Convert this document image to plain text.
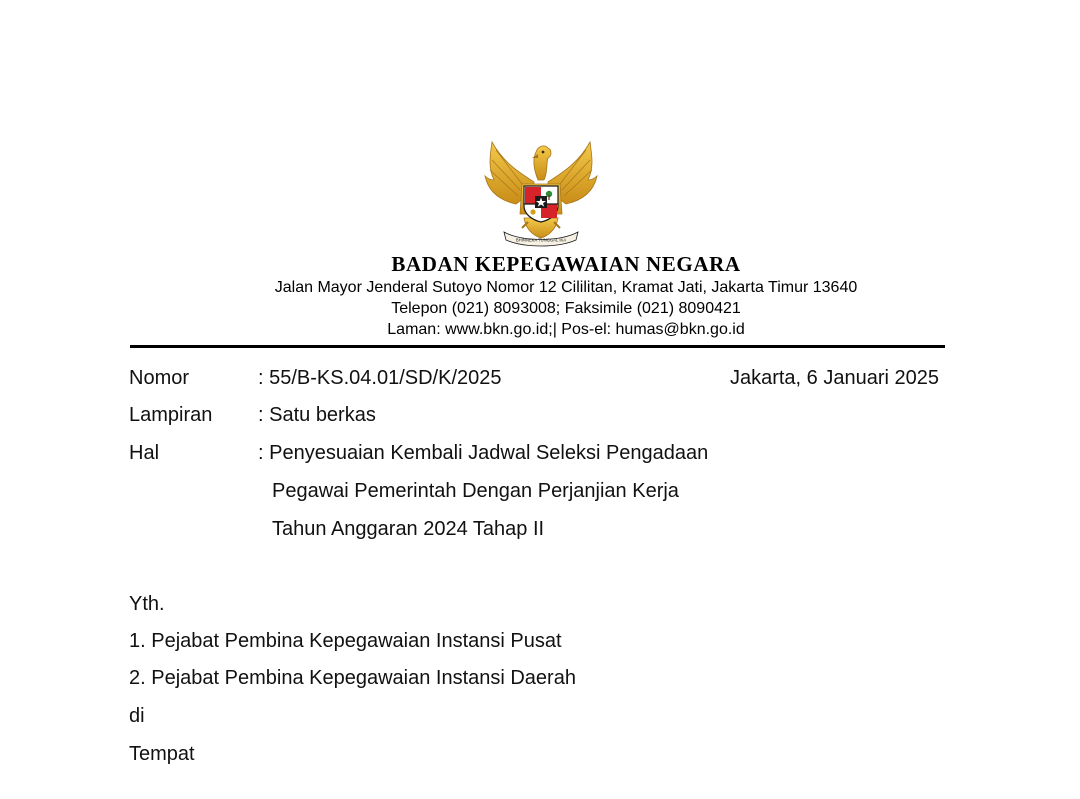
BHINNEKA TUNGGAL IKA
BADAN KEPEGAWAIAN NEGARA
Jalan Mayor Jenderal Sutoyo Nomor 12 Cililitan, Kramat Jati, Jakarta Timur 13640
Telepon (021) 8093008; Faksimile (021) 8090421
Laman: www.bkn.go.id;| Pos-el: humas@bkn.go.id
Nomor	: 55/B-KS.04.01/SD/K/2025	Jakarta, 6 Januari 2025
Lampiran : Satu berkas
Hal	: Penyesuaian Kembali Jadwal Seleksi Pengadaan
Pegawai Pemerintah Dengan Perjanjian Kerja
Tahun Anggaran 2024 Tahap II
Yth.
1. Pejabat Pembina Kepegawaian Instansi Pusat
2. Pejabat Pembina Kepegawaian Instansi Daerah
di
Tempat
